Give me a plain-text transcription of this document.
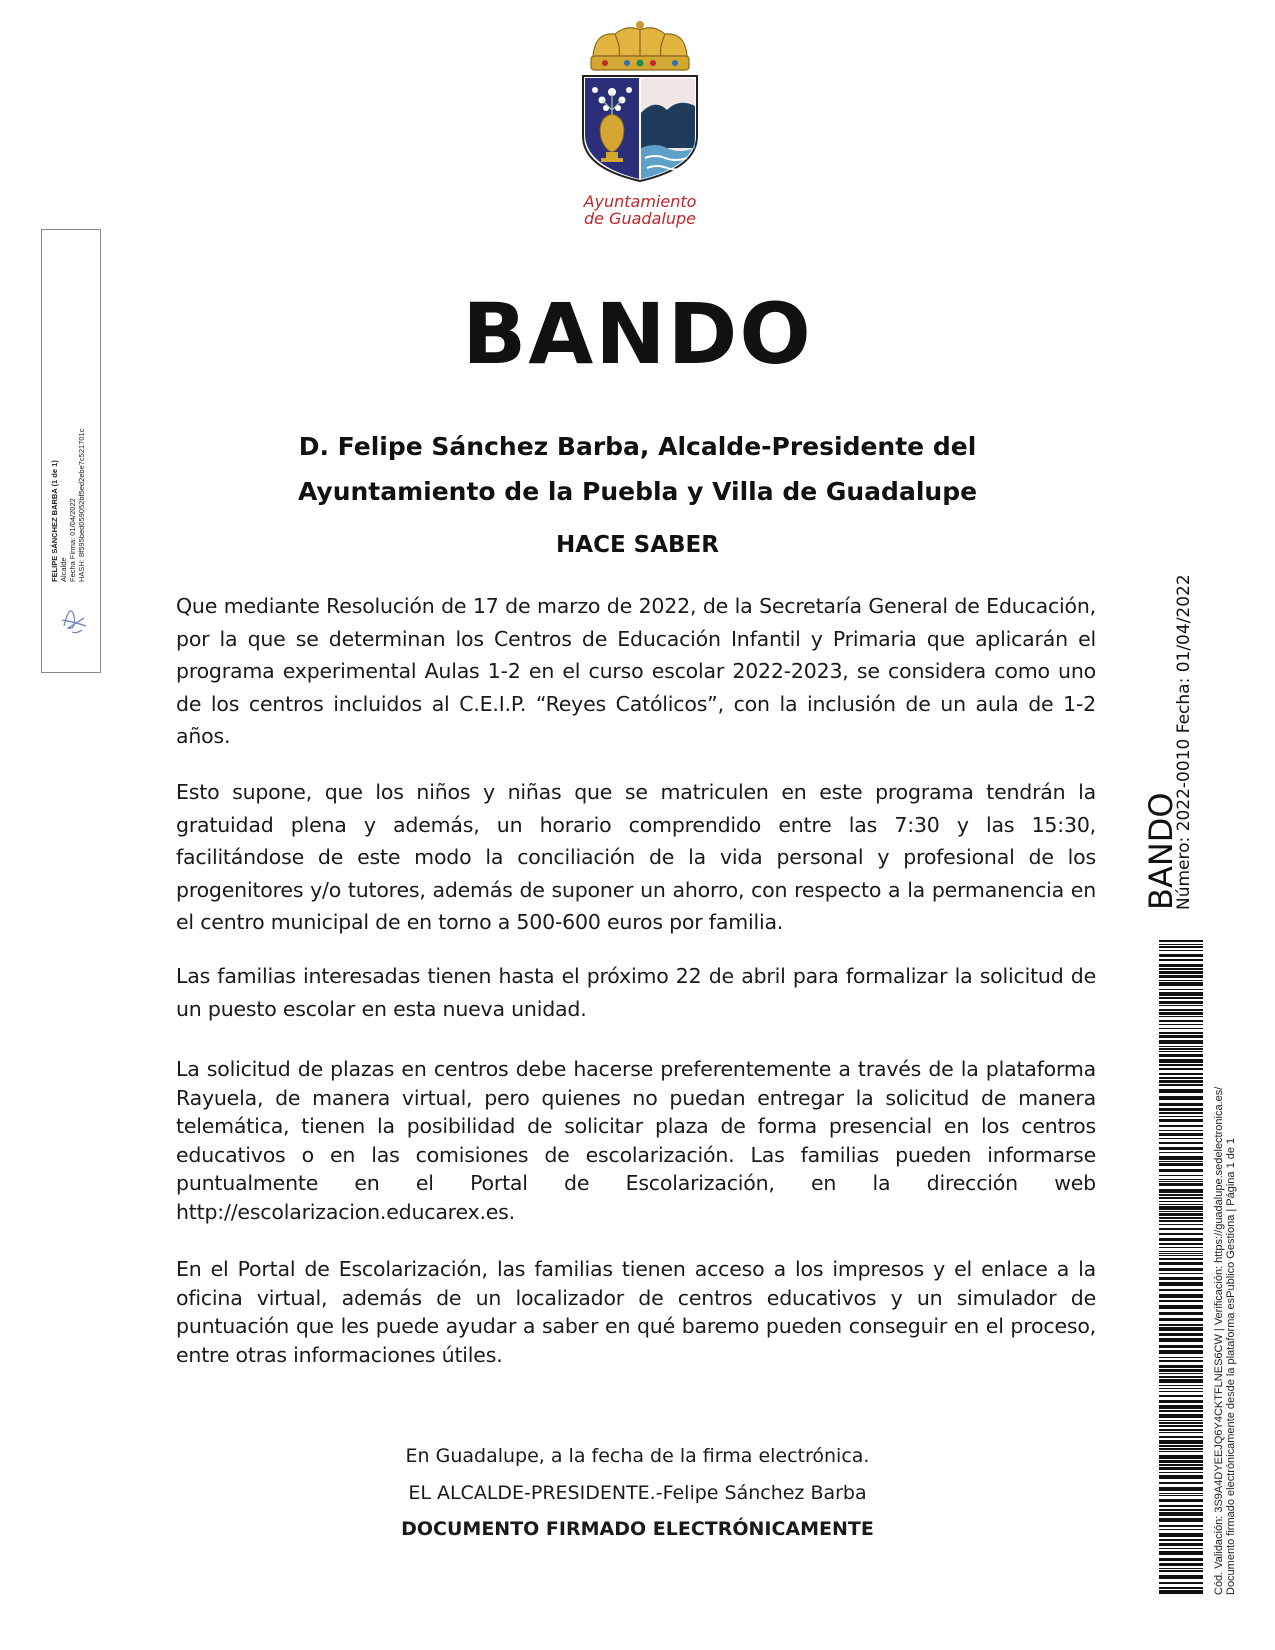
Ayuntamiento
de Guadalupe
FELIPE SÁNCHEZ BARBA (1 de 1) Alcalde Fecha Firma: 01/04/2022 HASH: 8f595bed059052bf5ed2ebe7c521701c
BANDO
D. Felipe Sánchez Barba, Alcalde-Presidente del
Ayuntamiento de la Puebla y Villa de Guadalupe
HACE SABER
Que mediante Resolución de 17 de marzo de 2022, de la Secretaría General de Educación, por la que se determinan los Centros de Educación Infantil y Primaria que aplicarán el programa experimental Aulas 1-2 en el curso escolar 2022-2023, se considera como uno de los centros incluidos al C.E.I.P. “Reyes Católicos”, con la inclusión de un aula de 1-2 años.
Esto supone, que los niños y niñas que se matriculen en este programa tendrán la gratuidad plena y además, un horario comprendido entre las 7:30 y las 15:30, facilitándose de este modo la conciliación de la vida personal y profesional de los progenitores y/o tutores, además de suponer un ahorro, con respecto a la permanencia en el centro municipal de en torno a 500-600 euros por familia.
Las familias interesadas tienen hasta el próximo 22 de abril para formalizar la solicitud de un puesto escolar en esta nueva unidad.
La solicitud de plazas en centros debe hacerse preferentemente a través de la plataforma Rayuela, de manera virtual, pero quienes no puedan entregar la solicitud de manera telemática, tienen la posibilidad de solicitar plaza de forma presencial en los centros educativos o en las comisiones de escolarización. Las familias pueden informarse puntualmente en el Portal de Escolarización, en la dirección web http://escolarizacion.educarex.es.
En el Portal de Escolarización, las familias tienen acceso a los impresos y el enlace a la oficina virtual, además de un localizador de centros educativos y un simulador de puntuación que les puede ayudar a saber en qué baremo pueden conseguir en el proceso, entre otras informaciones útiles.
En Guadalupe, a la fecha de la firma electrónica.
EL ALCALDE-PRESIDENTE.-Felipe Sánchez Barba
DOCUMENTO FIRMADO ELECTRÓNICAMENTE
BANDO
Número: 2022-0010 Fecha: 01/04/2022
Cód. Validación: 3S9A4DYEEJQ6Y4CKTFLNES6CW | Verificación: https://guadalupe.sedelectronica.es/ Documento firmado electrónicamente desde la plataforma esPublico Gestiona | Página 1 de 1
